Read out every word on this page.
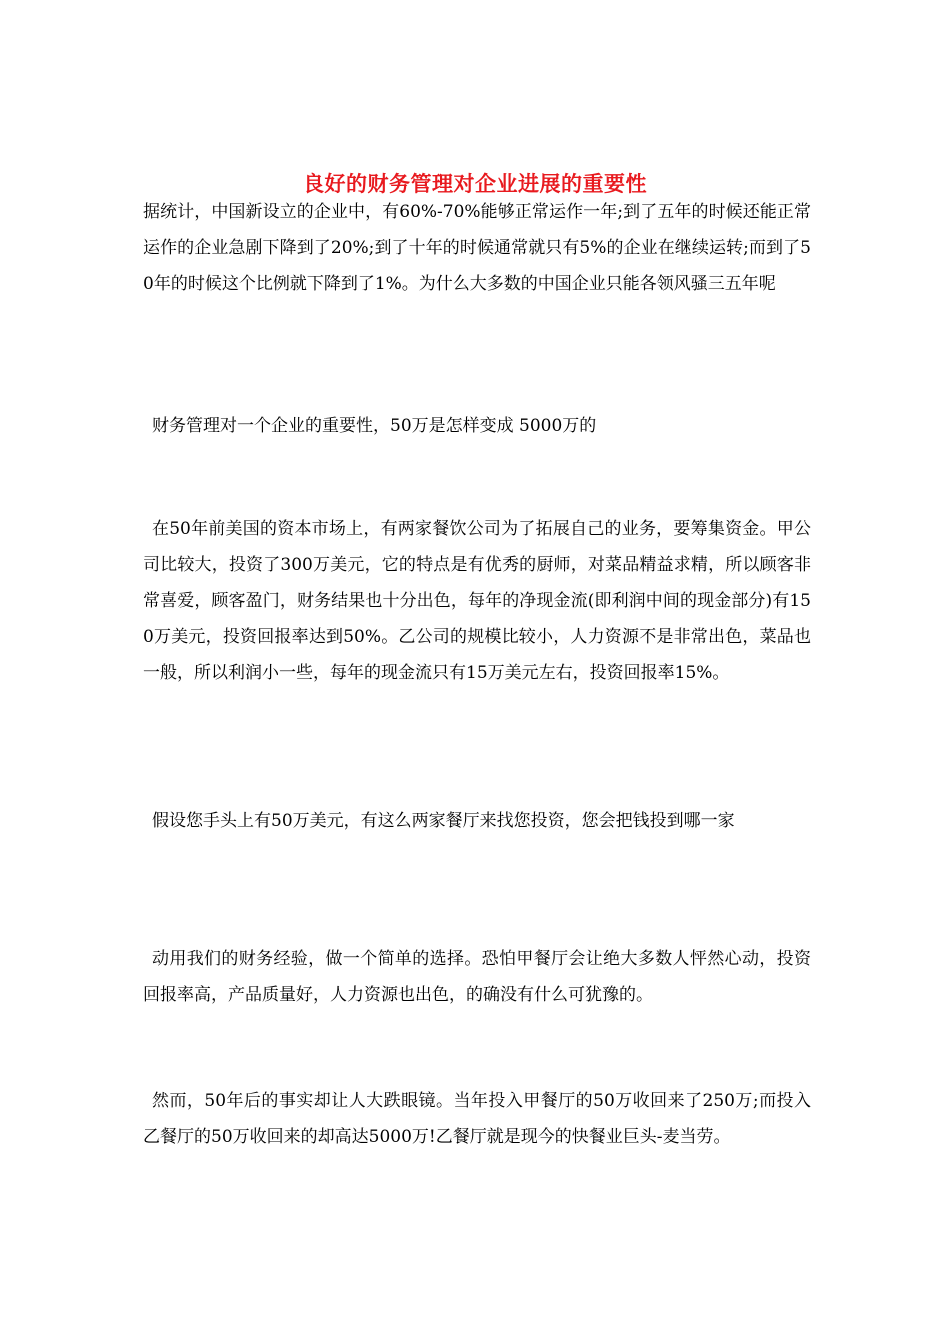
良好的财务管理对企业进展的重要性

据统计，中国新设立的企业中，有60%-70%能够正常运作一年;到了五年的时候还能正常运作的企业急剧下降到了20%;到了十年的时候通常就只有5%的企业在继续运转;而到了50年的时候这个比例就下降到了1%。为什么大多数的中国企业只能各领风骚三五年呢

财务管理对一个企业的重要性，50万是怎样变成 5000万的

在50年前美国的资本市场上，有两家餐饮公司为了拓展自己的业务，要筹集资金。甲公司比较大，投资了300万美元，它的特点是有优秀的厨师，对菜品精益求精，所以顾客非常喜爱，顾客盈门，财务结果也十分出色，每年的净现金流(即利润中间的现金部分)有150万美元，投资回报率达到50%。乙公司的规模比较小，人力资源不是非常出色，菜品也一般，所以利润小一些，每年的现金流只有15万美元左右，投资回报率15%。

假设您手头上有50万美元，有这么两家餐厅来找您投资，您会把钱投到哪一家

动用我们的财务经验，做一个简单的选择。恐怕甲餐厅会让绝大多数人怦然心动，投资回报率高，产品质量好，人力资源也出色，的确没有什么可犹豫的。

然而，50年后的事实却让人大跌眼镜。当年投入甲餐厅的50万收回来了250万;而投入乙餐厅的50万收回来的却高达5000万!乙餐厅就是现今的快餐业巨头-麦当劳。
